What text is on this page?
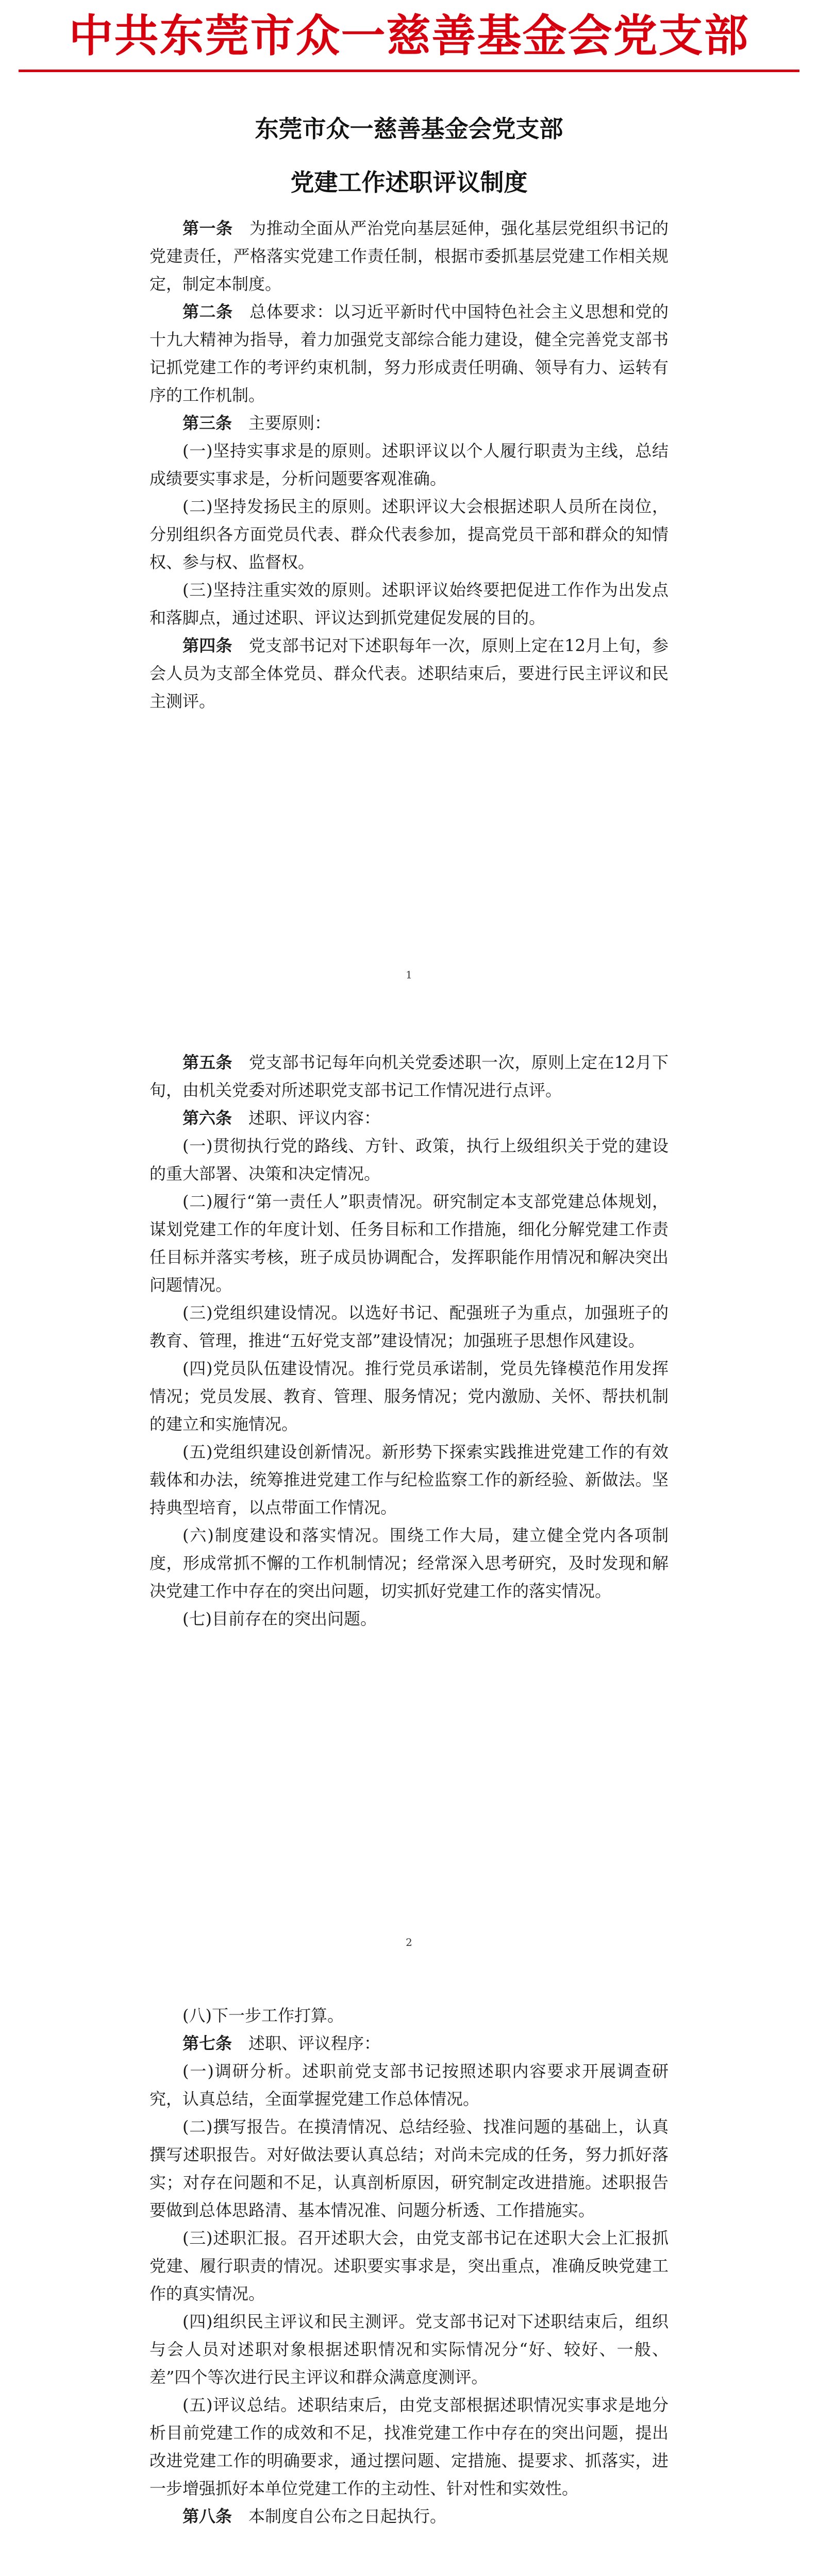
中共东莞市众一慈善基金会党支部
东莞市众一慈善基金会党支部
党建工作述职评议制度

第一条　 为推动全面从严治党向基层延伸，强化基层党组织书记的党建责任，严格落实党建工作责任制，根据市委抓基层党建工作相关规定，制定本制度。

第二条　 总体要求：以习近平新时代中国特色社会主义思想和党的十九大精神为指导，着力加强党支部综合能力建设，健全完善党支部书记抓党建工作的考评约束机制，努力形成责任明确、领导有力、运转有序的工作机制。

第三条　 主要原则：

(一)坚持实事求是的原则。述职评议以个人履行职责为主线，总结成绩要实事求是，分析问题要客观准确。

(二)坚持发扬民主的原则。述职评议大会根据述职人员所在岗位，分别组织各方面党员代表、群众代表参加，提高党员干部和群众的知情权、参与权、监督权。

(三)坚持注重实效的原则。述职评议始终要把促进工作作为出发点和落脚点，通过述职、评议达到抓党建促发展的目的。

第四条　 党支部书记对下述职每年一次，原则上定在12月上旬，参会人员为支部全体党员、群众代表。述职结束后，要进行民主评议和民主测评。

1

第五条　 党支部书记每年向机关党委述职一次，原则上定在12月下旬，由机关党委对所述职党支部书记工作情况进行点评。

第六条　 述职、评议内容：

(一)贯彻执行党的路线、方针、政策，执行上级组织关于党的建设的重大部署、决策和决定情况。

(二)履行“第一责任人”职责情况。研究制定本支部党建总体规划，谋划党建工作的年度计划、任务目标和工作措施，细化分解党建工作责任目标并落实考核，班子成员协调配合，发挥职能作用情况和解决突出问题情况。

(三)党组织建设情况。以选好书记、配强班子为重点，加强班子的教育、管理，推进“五好党支部”建设情况；加强班子思想作风建设。

(四)党员队伍建设情况。推行党员承诺制，党员先锋模范作用发挥情况；党员发展、教育、管理、服务情况；党内激励、关怀、帮扶机制的建立和实施情况。

(五)党组织建设创新情况。新形势下探索实践推进党建工作的有效载体和办法，统筹推进党建工作与纪检监察工作的新经验、新做法。坚持典型培育，以点带面工作情况。

(六)制度建设和落实情况。围绕工作大局，建立健全党内各项制度，形成常抓不懈的工作机制情况；经常深入思考研究，及时发现和解决党建工作中存在的突出问题，切实抓好党建工作的落实情况。

(七)目前存在的突出问题。

2

(八)下一步工作打算。

第七条　 述职、评议程序：

(一)调研分析。述职前党支部书记按照述职内容要求开展调查研究，认真总结，全面掌握党建工作总体情况。

(二)撰写报告。在摸清情况、总结经验、找准问题的基础上，认真撰写述职报告。对好做法要认真总结；对尚未完成的任务，努力抓好落实；对存在问题和不足，认真剖析原因，研究制定改进措施。述职报告要做到总体思路清、基本情况准、问题分析透、工作措施实。

(三)述职汇报。召开述职大会，由党支部书记在述职大会上汇报抓党建、履行职责的情况。述职要实事求是，突出重点，准确反映党建工作的真实情况。

(四)组织民主评议和民主测评。党支部书记对下述职结束后，组织与会人员对述职对象根据述职情况和实际情况分“好、较好、一般、差”四个等次进行民主评议和群众满意度测评。

(五)评议总结。述职结束后，由党支部根据述职情况实事求是地分析目前党建工作的成效和不足，找准党建工作中存在的突出问题，提出改进党建工作的明确要求，通过摆问题、定措施、提要求、抓落实，进一步增强抓好本单位党建工作的主动性、针对性和实效性。

第八条　 本制度自公布之日起执行。
